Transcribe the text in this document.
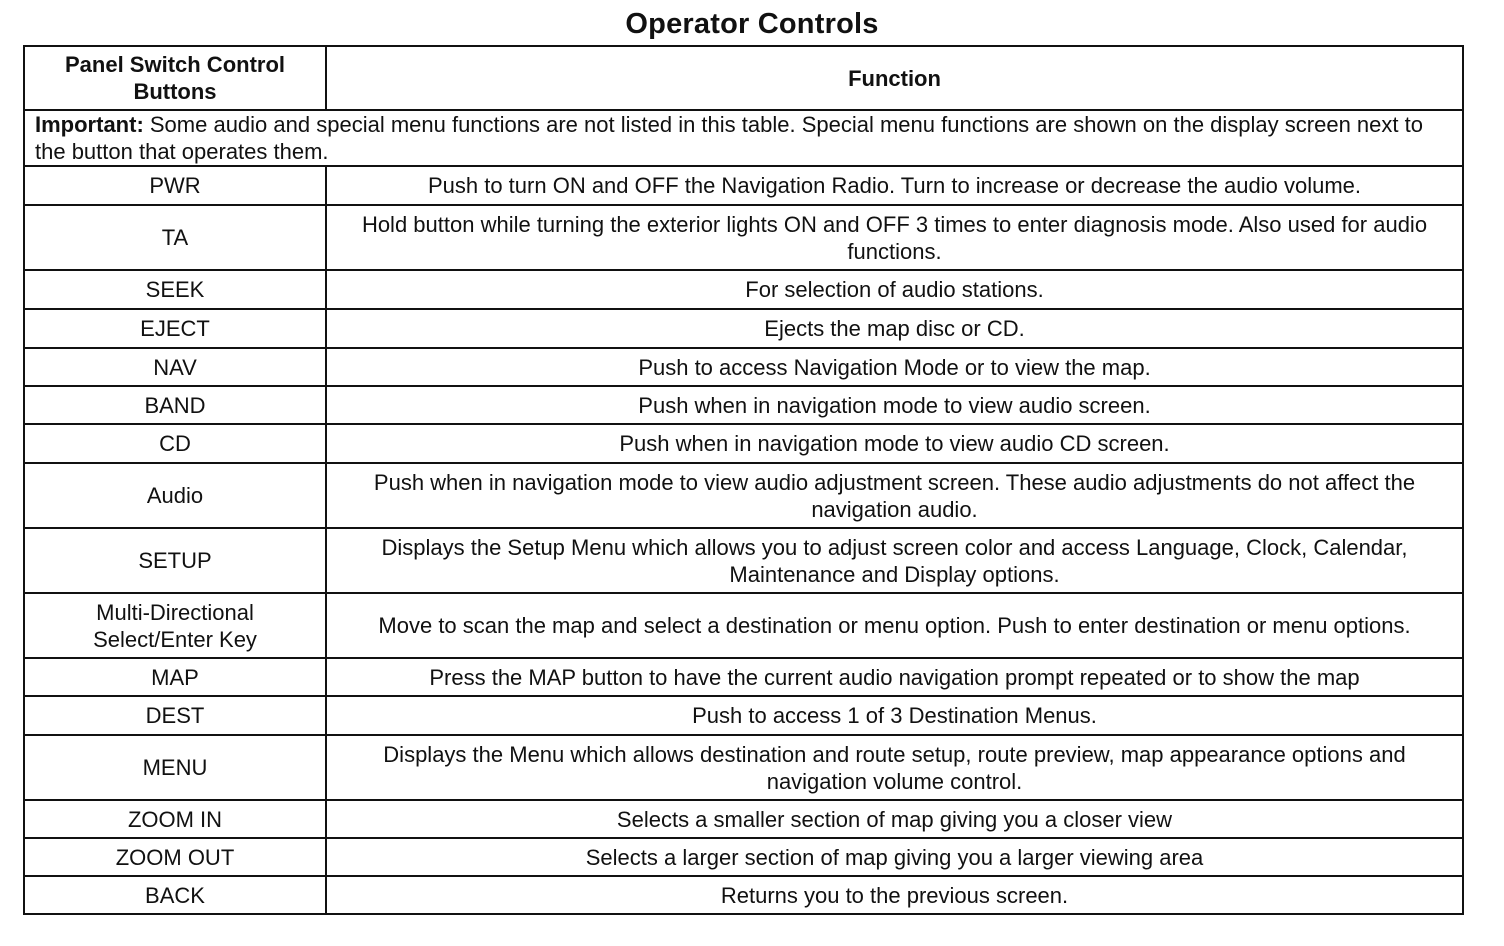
Operator Controls
Panel Switch Control Buttons	Function
Important: Some audio and special menu functions are not listed in this table. Special menu functions are shown on the display screen next to the button that operates them.	
PWR	Push to turn ON and OFF the Navigation Radio. Turn to increase or decrease the audio volume.
TA	Hold button while turning the exterior lights ON and OFF 3 times to enter diagnosis mode. Also used for audio functions.
SEEK	For selection of audio stations.
EJECT	Ejects the map disc or CD.
NAV	Push to access Navigation Mode or to view the map.
BAND	Push when in navigation mode to view audio screen.
CD	Push when in navigation mode to view audio CD screen.
Audio	Push when in navigation mode to view audio adjustment screen. These audio adjustments do not affect the navigation audio.
SETUP	Displays the Setup Menu which allows you to adjust screen color and access Language, Clock, Calendar, Maintenance and Display options.
Multi-Directional Select/Enter Key	Move to scan the map and select a destination or menu option. Push to enter destination or menu options.
MAP	Press the MAP button to have the current audio navigation prompt repeated or to show the map
DEST	Push to access 1 of 3 Destination Menus.
MENU	Displays the Menu which allows destination and route setup, route preview, map appearance options and navigation volume control.
ZOOM IN	Selects a smaller section of map giving you a closer view
ZOOM OUT	Selects a larger section of map giving you a larger viewing area
BACK	Returns you to the previous screen.
